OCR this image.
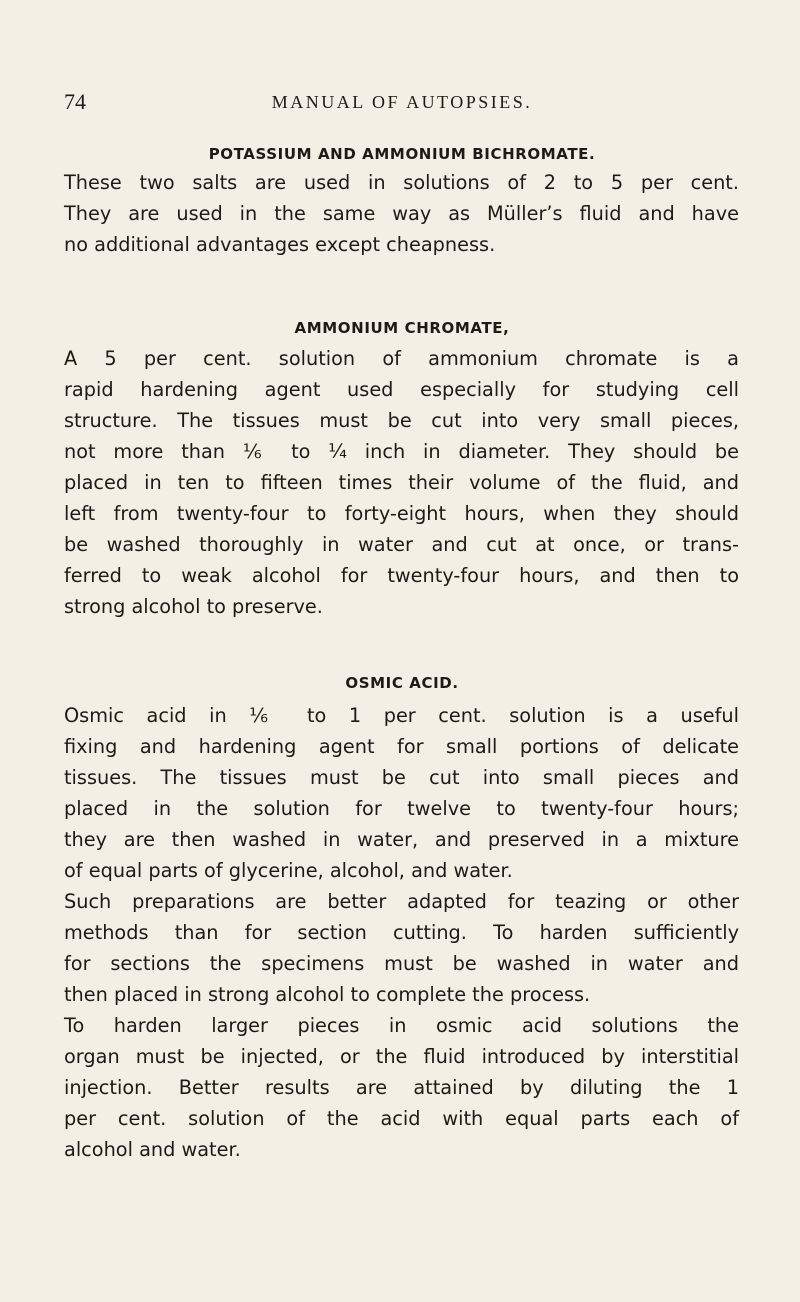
74	MANUAL OF AUTOPSIES.
POTASSIUM AND AMMONIUM BICHROMATE.
These two salts are used in solutions of 2 to 5 per cent.
They are used in the same way as Müller’s fluid and have
no additional advantages except cheapness.
AMMONIUM CHROMATE,
A 5 per cent. solution of ammonium chromate is a
rapid hardening agent used especially for studying cell
structure. The tissues must be cut into very small pieces,
not more than ⅙ to ¼ inch in diameter. They should be
placed in ten to fifteen times their volume of the fluid, and
left from twenty-four to forty-eight hours, when they should
be washed thoroughly in water and cut at once, or trans-
ferred to weak alcohol for twenty-four hours, and then to
strong alcohol to preserve.
OSMIC ACID.
Osmic acid in ⅙ to 1 per cent. solution is a useful
fixing and hardening agent for small portions of delicate
tissues. The tissues must be cut into small pieces and
placed in the solution for twelve to twenty-four hours;
they are then washed in water, and preserved in a mixture
of equal parts of glycerine, alcohol, and water.
Such preparations are better adapted for teazing or other
methods than for section cutting. To harden sufficiently
for sections the specimens must be washed in water and
then placed in strong alcohol to complete the process.
To harden larger pieces in osmic acid solutions the
organ must be injected, or the fluid introduced by interstitial
injection. Better results are attained by diluting the 1
per cent. solution of the acid with equal parts each of
alcohol and water.
